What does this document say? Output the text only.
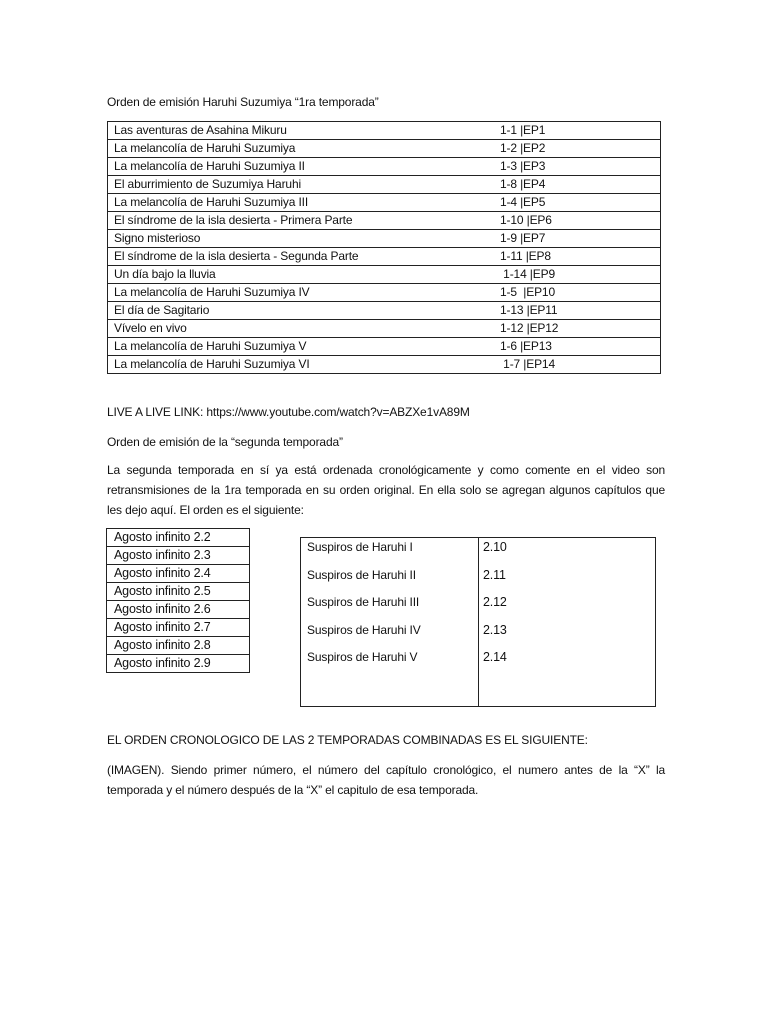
Orden de emisión Haruhi Suzumiya “1ra temporada”
Las aventuras de Asahina Mikuru	1-1 |EP1
La melancolía de Haruhi Suzumiya	1-2 |EP2
La melancolía de Haruhi Suzumiya II	1-3 |EP3
El aburrimiento de Suzumiya Haruhi	1-8 |EP4
La melancolía de Haruhi Suzumiya III	1-4 |EP5
El síndrome de la isla desierta - Primera Parte	1-10 |EP6
Signo misterioso	1-9 |EP7
El síndrome de la isla desierta - Segunda Parte	1-11 |EP8
Un día bajo la lluvia	1-14 |EP9
La melancolía de Haruhi Suzumiya IV	1-5  |EP10
El día de Sagitario	1-13 |EP11
Vívelo en vivo	1-12 |EP12
La melancolía de Haruhi Suzumiya V	1-6 |EP13
La melancolía de Haruhi Suzumiya VI	1-7 |EP14
LIVE A LIVE LINK: https://www.youtube.com/watch?v=ABZXe1vA89M
Orden de emisión de la “segunda temporada”
La segunda temporada en sí ya está ordenada cronológicamente y como comente en el video son retransmisiones de la 1ra temporada en su orden original. En ella solo se agregan algunos capítulos que les dejo aquí. El orden es el siguiente:
Agosto infinito 2.2
Agosto infinito 2.3
Agosto infinito 2.4
Agosto infinito 2.5
Agosto infinito 2.6
Agosto infinito 2.7
Agosto infinito 2.8
Agosto infinito 2.9
Suspiros de Haruhi I	2.10
Suspiros de Haruhi II	2.11
Suspiros de Haruhi III	2.12
Suspiros de Haruhi IV	2.13
Suspiros de Haruhi V	2.14
EL ORDEN CRONOLOGICO DE LAS 2 TEMPORADAS COMBINADAS ES EL SIGUIENTE:
(IMAGEN). Siendo primer número, el número del capítulo cronológico, el numero antes de la “X” la temporada y el número después de la “X” el capitulo de esa temporada.
